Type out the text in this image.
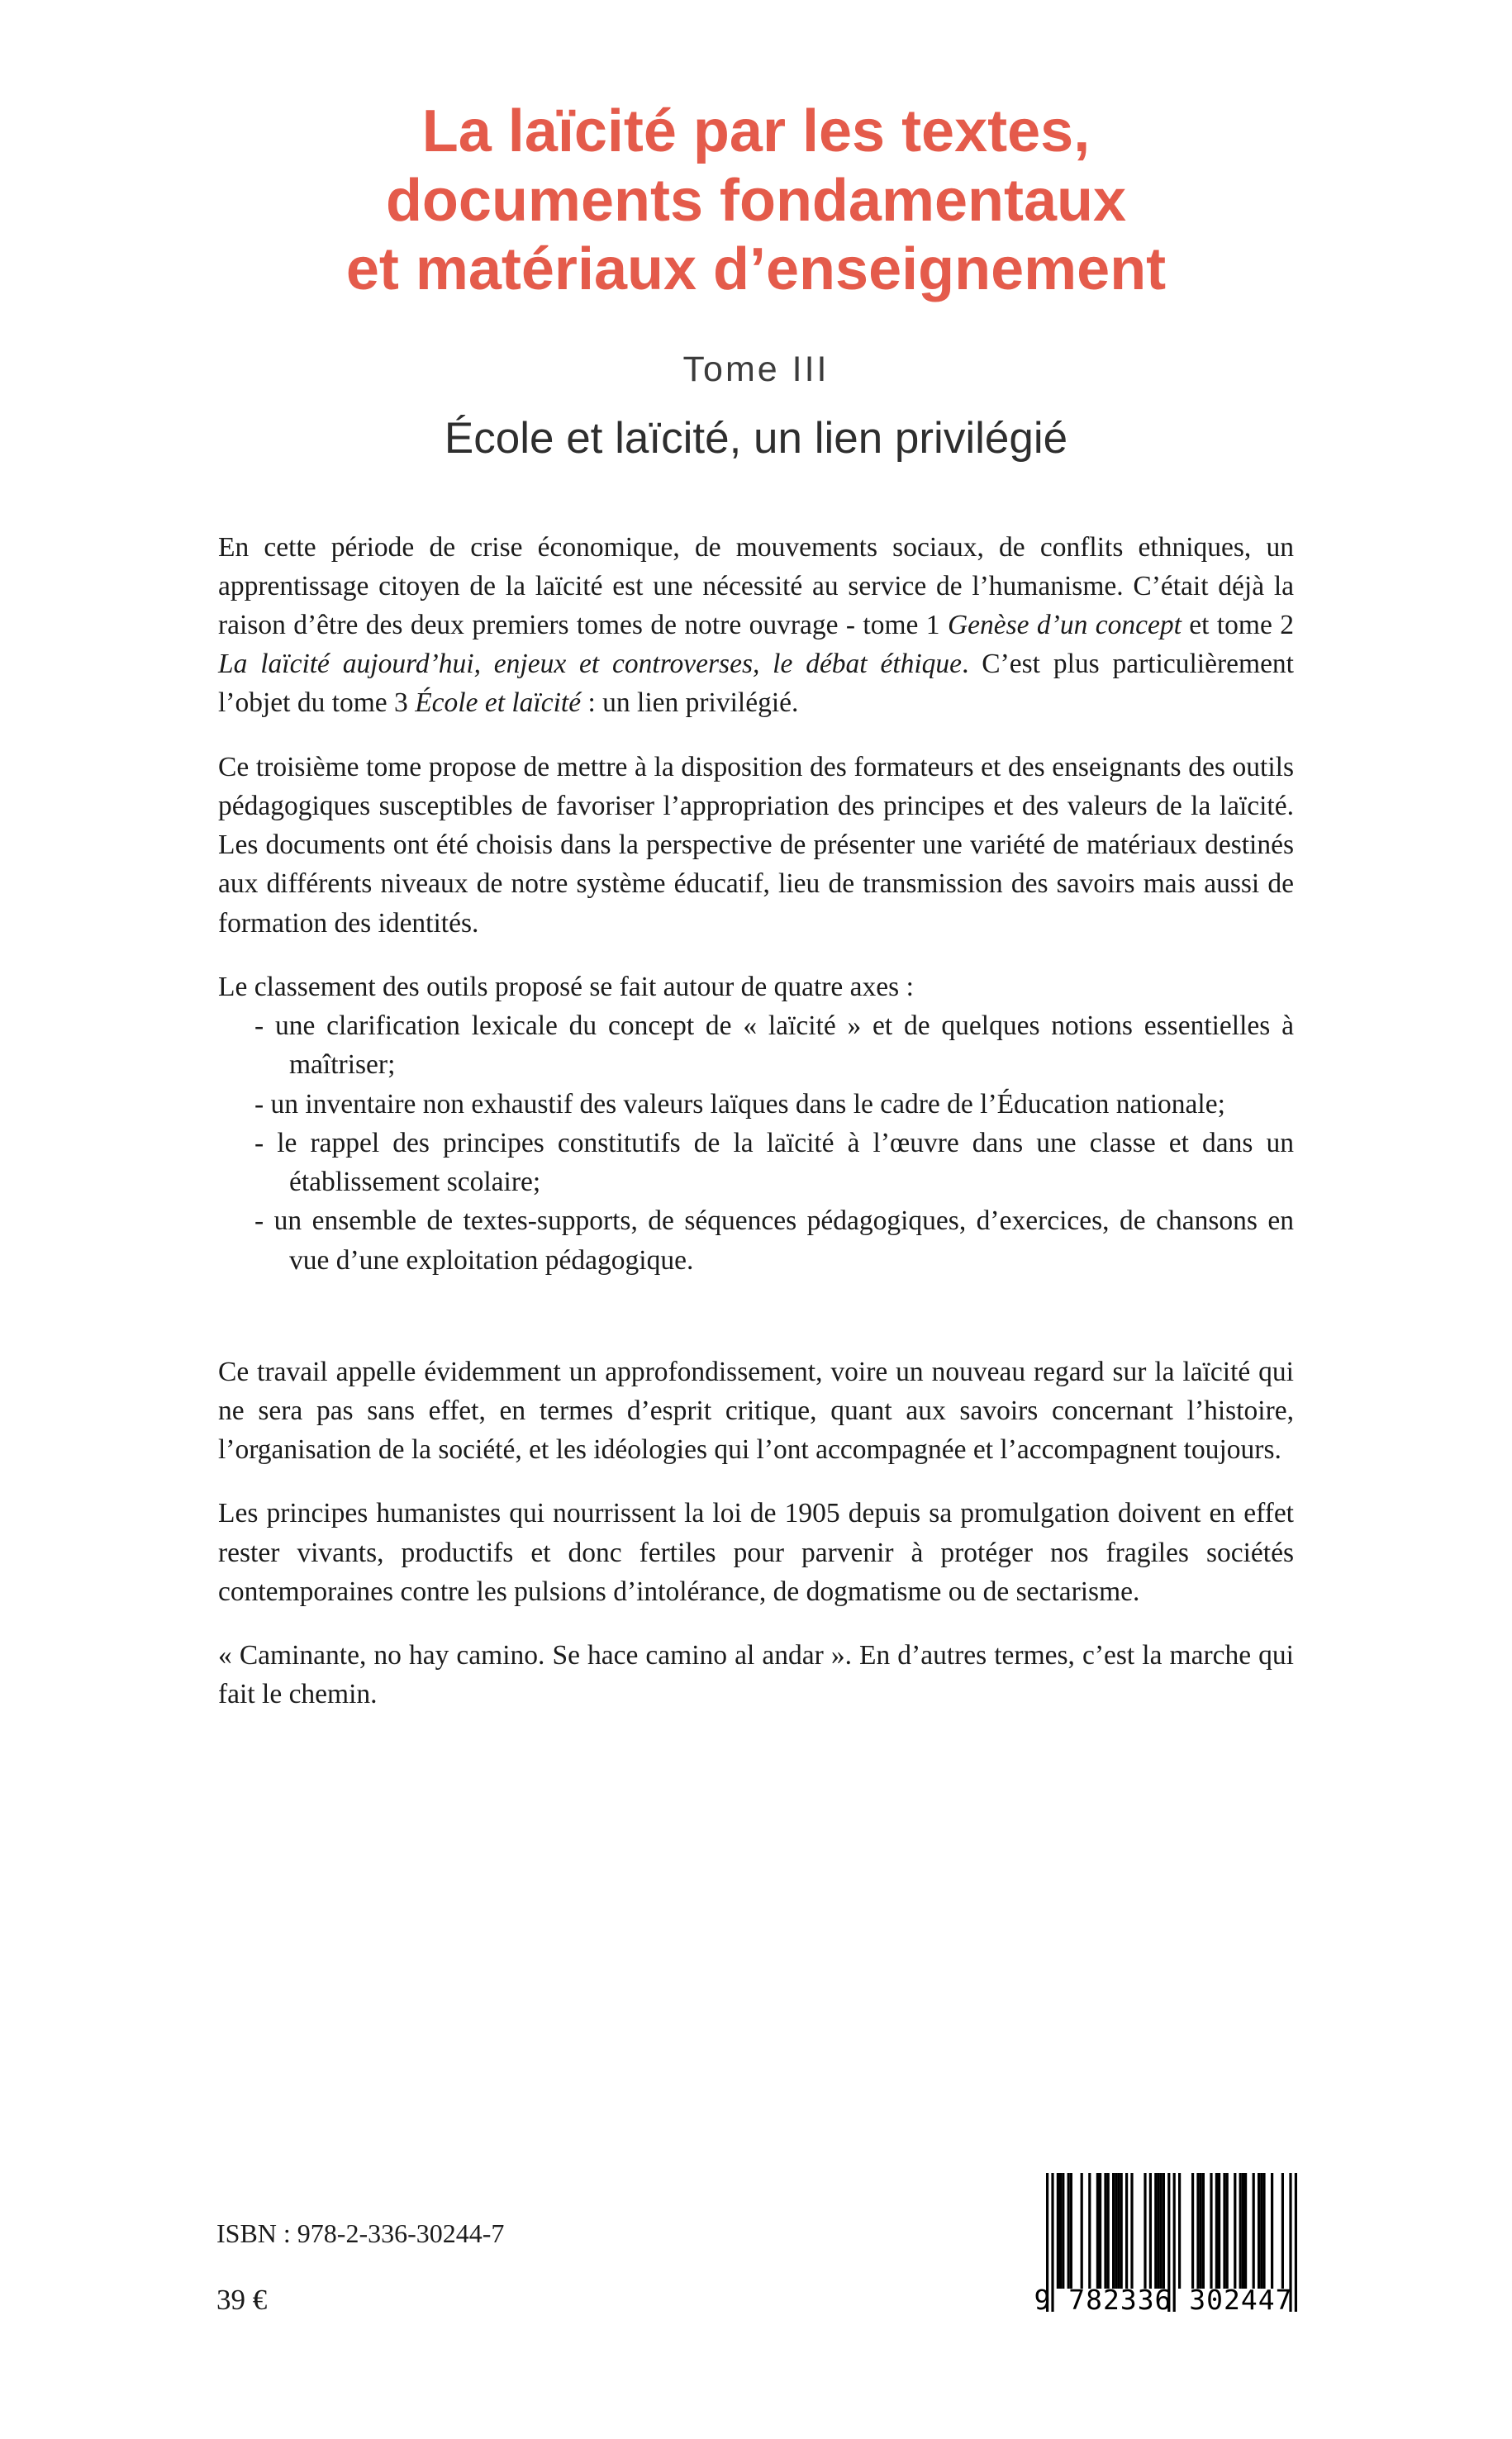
La laïcité par les textes,
documents fondamentaux
et matériaux d’enseignement
Tome III
École et laïcité, un lien privilégié

En cette période de crise économique, de mouvements sociaux, de conflits ethniques, un apprentissage citoyen de la laïcité est une nécessité au service de l’humanisme. C’était déjà la raison d’être des deux premiers tomes de notre ouvrage - tome 1 Genèse d’un concept et tome 2 La laïcité aujourd’hui, enjeux et controverses, le débat éthique. C’est plus particulièrement l’objet du tome 3 École et laïcité : un lien privilégié.

Ce troisième tome propose de mettre à la disposition des formateurs et des enseignants des outils pédagogiques susceptibles de favoriser l’appropriation des principes et des valeurs de la laïcité. Les documents ont été choisis dans la perspective de présenter une variété de matériaux destinés aux différents niveaux de notre système éducatif, lieu de transmission des savoirs mais aussi de formation des identités.

Le classement des outils proposé se fait autour de quatre axes :

- une clarification lexicale du concept de « laïcité » et de quelques notions essentielles à maîtriser;
- un inventaire non exhaustif des valeurs laïques dans le cadre de l’Éducation nationale;
- le rappel des principes constitutifs de la laïcité à l’œuvre dans une classe et dans un établissement scolaire;
- un ensemble de textes-supports, de séquences pédagogiques, d’exercices, de chansons en vue d’une exploitation pédagogique.

Ce travail appelle évidemment un approfondissement, voire un nouveau regard sur la laïcité qui ne sera pas sans effet, en termes d’esprit critique, quant aux savoirs concernant l’histoire, l’organisation de la société, et les idéologies qui l’ont accompagnée et l’accompagnent toujours.

Les principes humanistes qui nourrissent la loi de 1905 depuis sa promulgation doivent en effet rester vivants, productifs et donc fertiles pour parvenir à protéger nos fragiles sociétés contemporaines contre les pulsions d’intolérance, de dogmatisme ou de sectarisme.

« Caminante, no hay camino. Se hace camino al andar ». En d’autres termes, c’est la marche qui fait le chemin.

ISBN : 978-2-336-30244-7
39 €	9 782336 302447
